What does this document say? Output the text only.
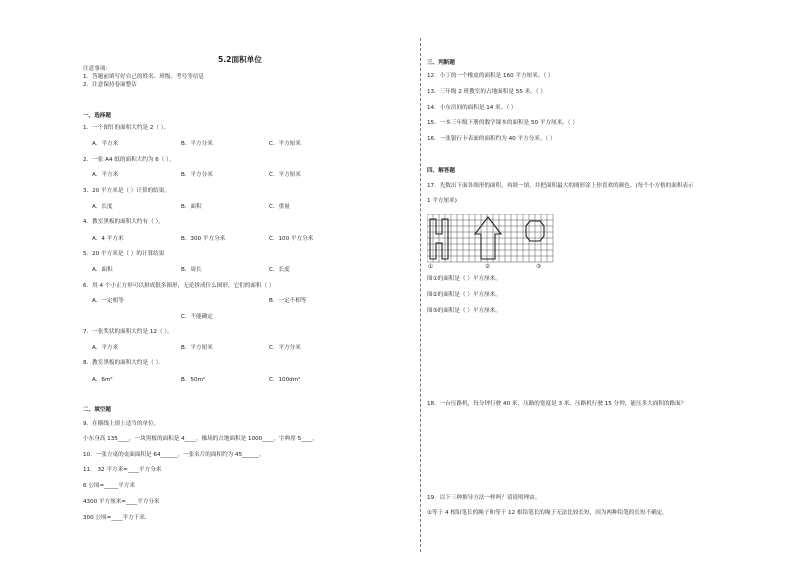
5.2面积单位
注意事项：
1．答题前填写好自己的姓名、班级、考号等信息
2．注意保持卷面整洁
一、选择题
1．一个图钉的面积大约是 2（ ）。
A．平方米	B．平方分米	C．平方厘米
2．一张 A4 纸的面积大约为 6（ ）。
A．平方米	B．平方分米	C．平方厘米
3．20 平方米是（ ）计算的结果。
A．长度	B．面积	C．重量
4．教室黑板的面积大约有（ ）。
A．4 平方米	B．300 平方分米	C．100 平方分米
5．20 平方米是（ ）的计算结果
A．面积	B．周长	C．长度
6．用 4 个小正方形可以拼成很多图形，无论拼成什么图形，它们的面积（ ）
A．一定相等	B．一定不相等
C．不能确定
7．一张奖状的面积大约是 12（ ）。
A．平方米	B．平方厘米	C．平方分米
8．教室黑板的面积大约是（ ）．
A．6m²	B．50m²	C．100dm²
二、填空题
9．在横线上填上适当的单位。
小东身高 135____，一块黑板的面积是 4____，操场的占地面积是 1000____，字典厚 5____。
10．一张方桌的桌面面积是 64______，一张名片的面积约为 45______。
11． 32 平方米=____平方分米
6 公顷=_____平方米
4300 平方厘米=____平方分米
300 公顷=____平方千米．
三、判断题
12．小丁的一个橡皮的面积是 160 平方厘米。（ ）
13．三年级 2 班教室的占地面积是 55 米。（ ）
14．小东房间的面积是 14 米。（ ）
15．一本三年级下册的数学课本的面积是 50 平方厘米。（ ）
16．一张银行卡表面的面积约为 40 平方分米。（ ）
四、解答题
17．先数出下面各图形的面积，再填一填，并把面积最大的图形涂上你喜欢的颜色。(每个小方格的面积表示
1 平方厘米)
①	②	③
图①的面积是（ ）平方厘米。
图②的面积是（ ）平方厘米。
图③的面积是（ ）平方厘米。
18．一台压路机，每分钟行驶 40 米，压路的宽度是 3 米。压路机行驶 15 分钟，能压多大面积的路面？
19．以下三种推导方法一样吗？请说明理由。
①等于 4 根铅笔长的绳子和等于 12 根铅笔长的绳子无法比较长短，因为两种铅笔的长短不确定。
